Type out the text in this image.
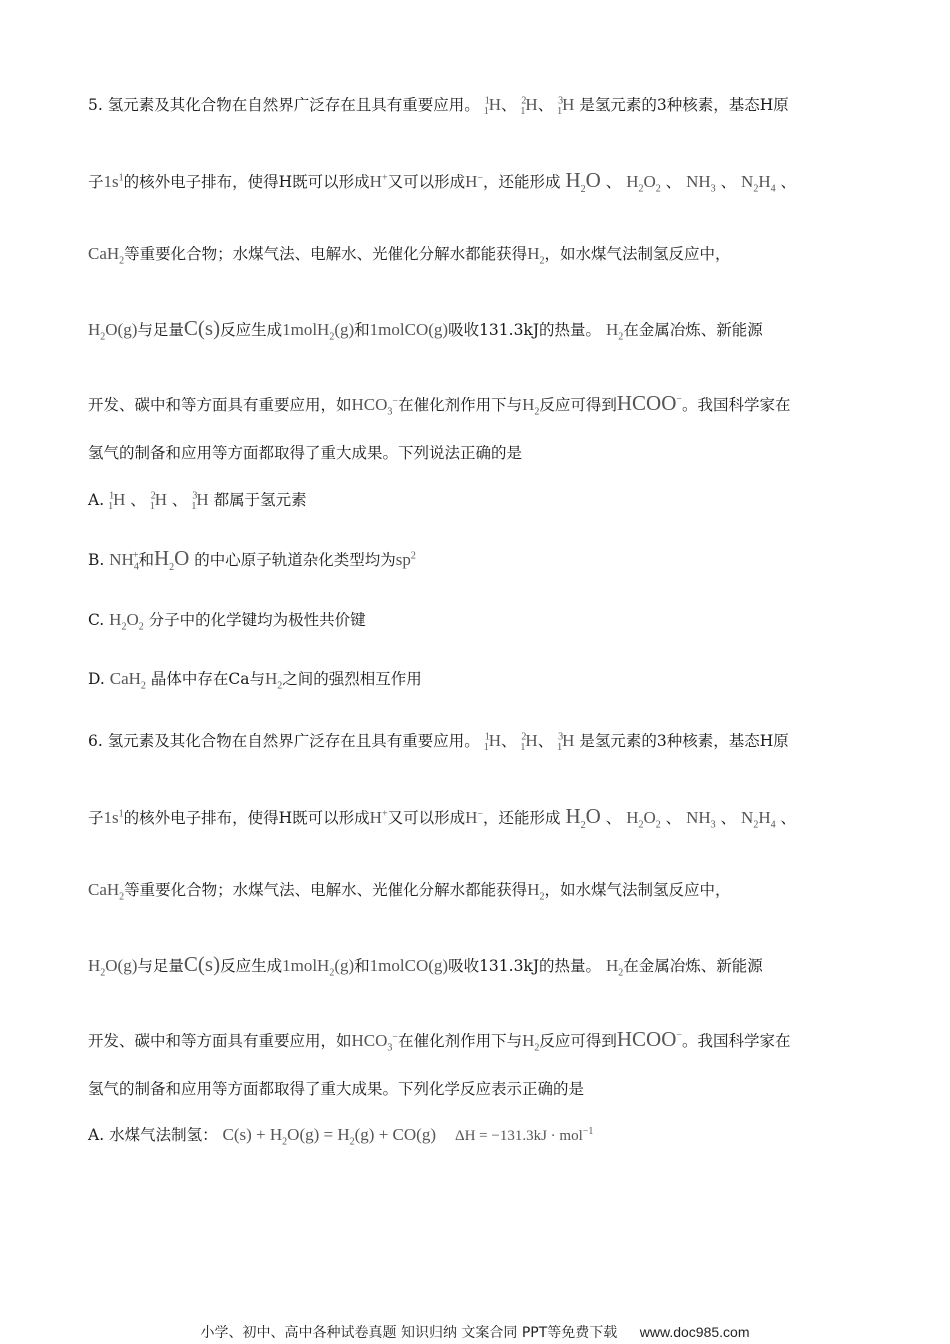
5. 氢元素及其化合物在自然界广泛存在且具有重要应用。 $^1_1$H、 $^2_1$H、 $^3_1$H 是氢元素的3种核素，基态H原
子$1s^1$的核外电子排布，使得H既可以形成H+又可以形成H−，还能形成 $H_2O$ 、 $H_2O_2$ 、 $NH_3$ 、 $N_2H_4$ 、
CaH$_2$等重要化合物；水煤气法、电解水、光催化分解水都能获得$H_2$，如水煤气法制氢反应中，
$H_2O(g)$与足量C(s)反应生成1molH$_2$(g)和1molCO(g)吸收131.3kJ的热量。 $H_2$在金属冶炼、新能源
开发、碳中和等方面具有重要应用，如$HCO_3^-$在催化剂作用下与$H_2$反应可得到HCOO−。我国科学家在
氢气的制备和应用等方面都取得了重大成果。下列说法正确的是
A. $^1_1$H 、 $^2_1$H 、 $^3_1$H 都属于氢元素
B. $NH_4^+$和$H_2O$ 的中心原子轨道杂化类型均为$sp^2$
C. $H_2O_2$ 分子中的化学键均为极性共价键
D. CaH$_2$ 晶体中存在Ca与$H_2$之间的强烈相互作用
6. 氢元素及其化合物在自然界广泛存在且具有重要应用。 $^1_1$H、 $^2_1$H、 $^3_1$H 是氢元素的3种核素，基态H原
子$1s^1$的核外电子排布，使得H既可以形成H+又可以形成H−，还能形成 $H_2O$ 、 $H_2O_2$ 、 $NH_3$ 、 $N_2H_4$ 、
CaH$_2$等重要化合物；水煤气法、电解水、光催化分解水都能获得$H_2$，如水煤气法制氢反应中，
$H_2O(g)$与足量C(s)反应生成1molH$_2$(g)和1molCO(g)吸收131.3kJ的热量。 $H_2$在金属冶炼、新能源
开发、碳中和等方面具有重要应用，如$HCO_3^-$在催化剂作用下与$H_2$反应可得到HCOO−。我国科学家在
氢气的制备和应用等方面都取得了重大成果。下列化学反应表示正确的是
A. 水煤气法制氢： $C(s) + H_2O(g) = H_2(g) + CO(g) \Delta H = -131.3kJ \cdot mol^{-1}$
小学、初中、高中各种试卷真题 知识归纳 文案合同 PPT等免费下载 www.doc985.com
